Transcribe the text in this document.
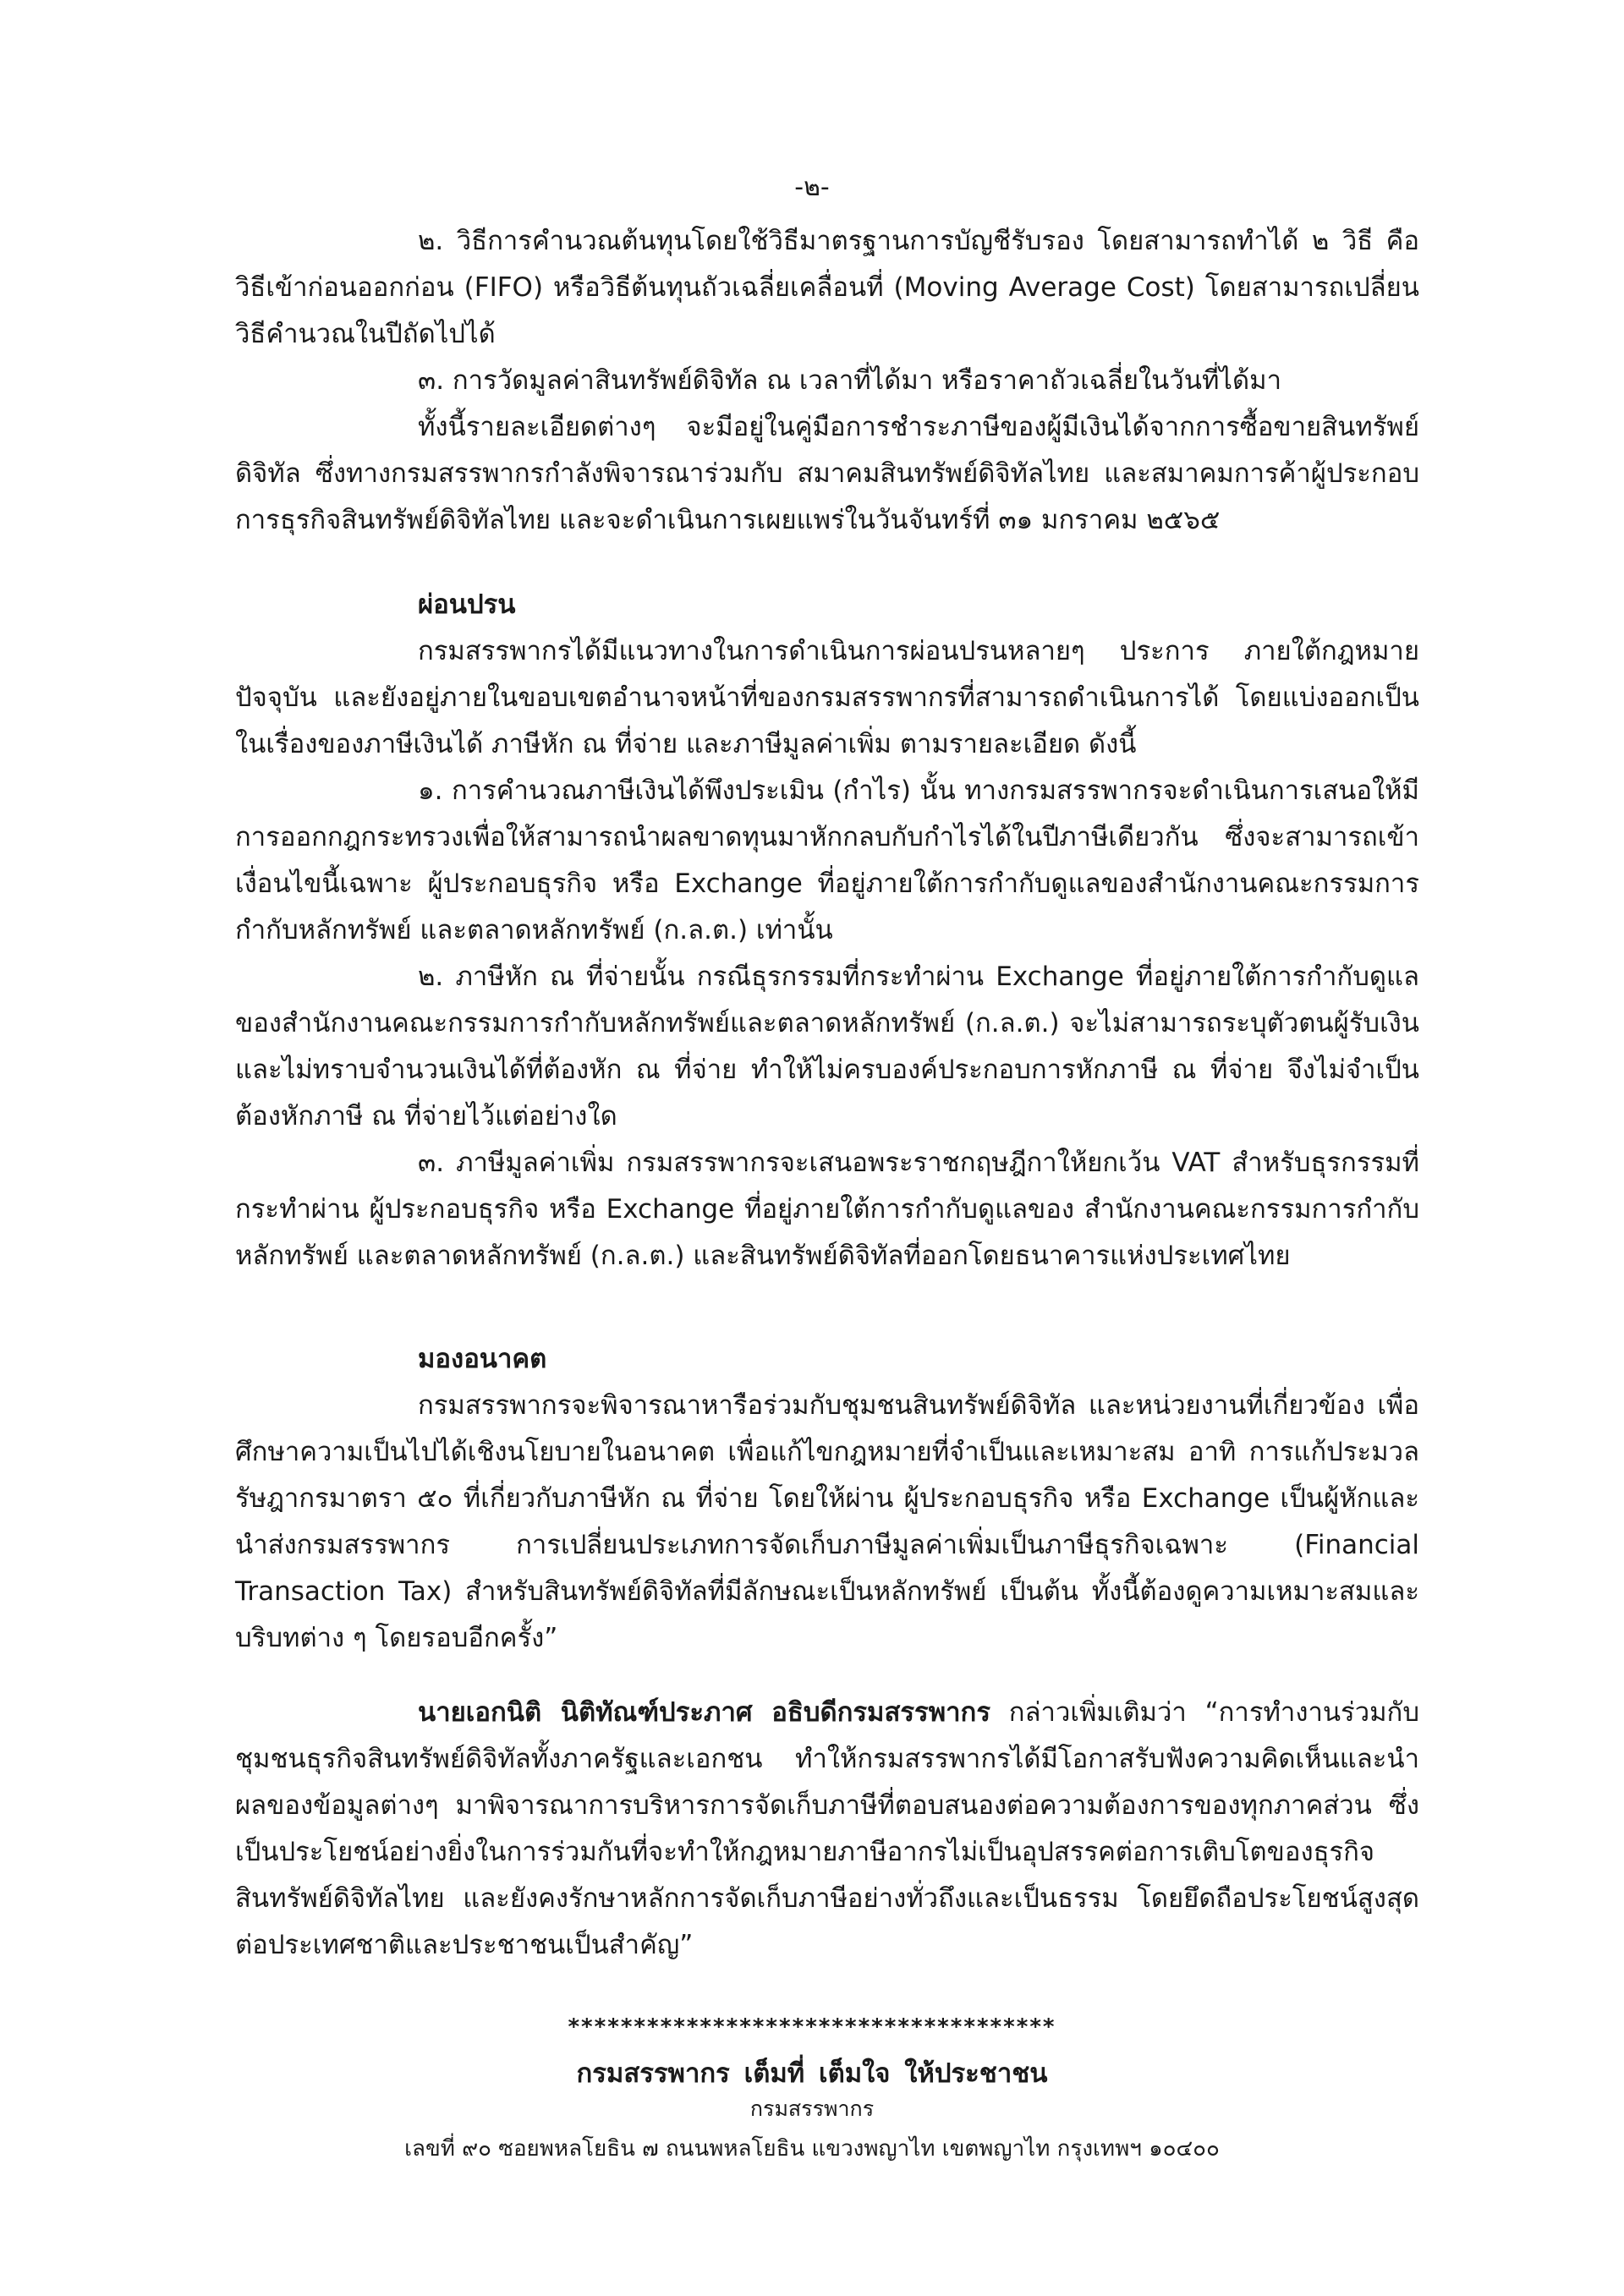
-๒-

๒. วิธีการคำนวณต้นทุนโดยใช้วิธีมาตรฐานการบัญชีรับรอง โดยสามารถทำได้ ๒ วิธี คือ วิธีเข้าก่อนออกก่อน (FIFO) หรือวิธีต้นทุนถัวเฉลี่ยเคลื่อนที่ (Moving Average Cost) โดยสามารถเปลี่ยนวิธีคำนวณในปีถัดไปได้

๓. การวัดมูลค่าสินทรัพย์ดิจิทัล ณ เวลาที่ได้มา หรือราคาถัวเฉลี่ยในวันที่ได้มา

ทั้งนี้รายละเอียดต่างๆ จะมีอยู่ในคู่มือการชำระภาษีของผู้มีเงินได้จากการซื้อขายสินทรัพย์ดิจิทัล ซึ่งทางกรมสรรพากรกำลังพิจารณาร่วมกับ สมาคมสินทรัพย์ดิจิทัลไทย และสมาคมการค้าผู้ประกอบการธุรกิจสินทรัพย์ดิจิทัลไทย และจะดำเนินการเผยแพร่ในวันจันทร์ที่ ๓๑ มกราคม ๒๕๖๕

ผ่อนปรน

กรมสรรพากรได้มีแนวทางในการดำเนินการผ่อนปรนหลายๆ ประการ ภายใต้กฎหมายปัจจุบัน และยังอยู่ภายในขอบเขตอำนาจหน้าที่ของกรมสรรพากรที่สามารถดำเนินการได้ โดยแบ่งออกเป็นในเรื่องของภาษีเงินได้ ภาษีหัก ณ ที่จ่าย และภาษีมูลค่าเพิ่ม ตามรายละเอียด ดังนี้

๑. การคำนวณภาษีเงินได้พึงประเมิน (กำไร) นั้น ทางกรมสรรพากรจะดำเนินการเสนอให้มีการออกกฎกระทรวงเพื่อให้สามารถนำผลขาดทุนมาหักกลบกับกำไรได้ในปีภาษีเดียวกัน ซึ่งจะสามารถเข้าเงื่อนไขนี้เฉพาะ ผู้ประกอบธุรกิจ หรือ Exchange ที่อยู่ภายใต้การกำกับดูแลของสำนักงานคณะกรรมการกำกับหลักทรัพย์ และตลาดหลักทรัพย์ (ก.ล.ต.) เท่านั้น

๒. ภาษีหัก ณ ที่จ่ายนั้น กรณีธุรกรรมที่กระทำผ่าน Exchange ที่อยู่ภายใต้การกำกับดูแลของสำนักงานคณะกรรมการกำกับหลักทรัพย์และตลาดหลักทรัพย์ (ก.ล.ต.) จะไม่สามารถระบุตัวตนผู้รับเงินและไม่ทราบจำนวนเงินได้ที่ต้องหัก ณ ที่จ่าย ทำให้ไม่ครบองค์ประกอบการหักภาษี ณ ที่จ่าย จึงไม่จำเป็นต้องหักภาษี ณ ที่จ่ายไว้แต่อย่างใด

๓. ภาษีมูลค่าเพิ่ม กรมสรรพากรจะเสนอพระราชกฤษฎีกาให้ยกเว้น VAT สำหรับธุรกรรมที่กระทำผ่าน ผู้ประกอบธุรกิจ หรือ Exchange ที่อยู่ภายใต้การกำกับดูแลของ สำนักงานคณะกรรมการกำกับหลักทรัพย์ และตลาดหลักทรัพย์ (ก.ล.ต.) และสินทรัพย์ดิจิทัลที่ออกโดยธนาคารแห่งประเทศไทย

มองอนาคต

กรมสรรพากรจะพิจารณาหารือร่วมกับชุมชนสินทรัพย์ดิจิทัล และหน่วยงานที่เกี่ยวข้อง เพื่อศึกษาความเป็นไปได้เชิงนโยบายในอนาคต เพื่อแก้ไขกฎหมายที่จำเป็นและเหมาะสม อาทิ การแก้ประมวลรัษฎากรมาตรา ๕๐ ที่เกี่ยวกับภาษีหัก ณ ที่จ่าย โดยให้ผ่าน ผู้ประกอบธุรกิจ หรือ Exchange เป็นผู้หักและนำส่งกรมสรรพากร การเปลี่ยนประเภทการจัดเก็บภาษีมูลค่าเพิ่มเป็นภาษีธุรกิจเฉพาะ (Financial Transaction Tax) สำหรับสินทรัพย์ดิจิทัลที่มีลักษณะเป็นหลักทรัพย์ เป็นต้น ทั้งนี้ต้องดูความเหมาะสมและบริบทต่าง ๆ โดยรอบอีกครั้ง”

นายเอกนิติ นิติทัณฑ์ประภาศ อธิบดีกรมสรรพากร กล่าวเพิ่มเติมว่า “การทำงานร่วมกับชุมชนธุรกิจสินทรัพย์ดิจิทัลทั้งภาครัฐและเอกชน ทำให้กรมสรรพากรได้มีโอกาสรับฟังความคิดเห็นและนำผลของข้อมูลต่างๆ มาพิจารณาการบริหารการจัดเก็บภาษีที่ตอบสนองต่อความต้องการของทุกภาคส่วน ซึ่งเป็นประโยชน์อย่างยิ่งในการร่วมกันที่จะทำให้กฎหมายภาษีอากรไม่เป็นอุปสรรคต่อการเติบโตของธุรกิจสินทรัพย์ดิจิทัลไทย และยังคงรักษาหลักการจัดเก็บภาษีอย่างทั่วถึงและเป็นธรรม โดยยึดถือประโยชน์สูงสุดต่อประเทศชาติและประชาชนเป็นสำคัญ”

*************************************
กรมสรรพากร เต็มที่ เต็มใจ ให้ประชาชน
กรมสรรพากร
เลขที่ ๙๐ ซอยพหลโยธิน ๗ ถนนพหลโยธิน แขวงพญาไท เขตพญาไท กรุงเทพฯ ๑๐๔๐๐
